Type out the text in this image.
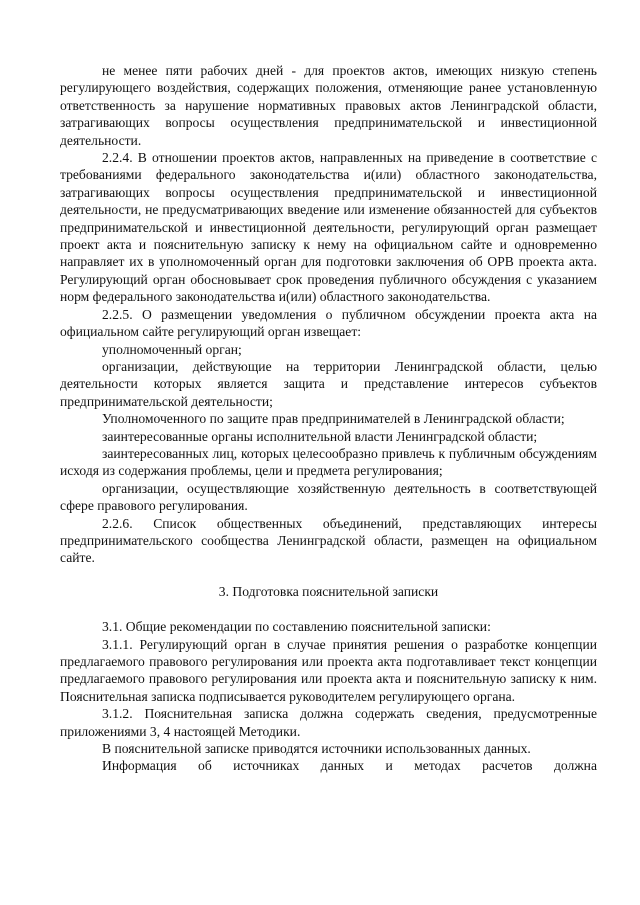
не менее пяти рабочих дней - для проектов актов, имеющих низкую степень регулирующего воздействия, содержащих положения, отменяющие ранее установленную ответственность за нарушение нормативных правовых актов Ленинградской области, затрагивающих вопросы осуществления предпринимательской и инвестиционной деятельности.

2.2.4. В отношении проектов актов, направленных на приведение в соответствие с требованиями федерального законодательства и(или) областного законодательства, затрагивающих вопросы осуществления предпринимательской и инвестиционной деятельности, не предусматривающих введение или изменение обязанностей для субъектов предпринимательской и инвестиционной деятельности, регулирующий орган размещает проект акта и пояснительную записку к нему на официальном сайте и одновременно направляет их в уполномоченный орган для подготовки заключения об ОРВ проекта акта. Регулирующий орган обосновывает срок проведения публичного обсуждения с указанием норм федерального законодательства и(или) областного законодательства.

2.2.5. О размещении уведомления о публичном обсуждении проекта акта на официальном сайте регулирующий орган извещает:

уполномоченный орган;

организации, действующие на территории Ленинградской области, целью деятельности которых является защита и представление интересов субъектов предпринимательской деятельности;

Уполномоченного по защите прав предпринимателей в Ленинградской области;

заинтересованные органы исполнительной власти Ленинградской области;

заинтересованных лиц, которых целесообразно привлечь к публичным обсуждениям исходя из содержания проблемы, цели и предмета регулирования;

организации, осуществляющие хозяйственную деятельность в соответствующей сфере правового регулирования.

2.2.6. Список общественных объединений, представляющих интересы предпринимательского сообщества Ленинградской области, размещен на официальном сайте.

3. Подготовка пояснительной записки

3.1. Общие рекомендации по составлению пояснительной записки:

3.1.1. Регулирующий орган в случае принятия решения о разработке концепции предлагаемого правового регулирования или проекта акта подготавливает текст концепции предлагаемого правового регулирования или проекта акта и пояснительную записку к ним. Пояснительная записка подписывается руководителем регулирующего органа.

3.1.2. Пояснительная записка должна содержать сведения, предусмотренные приложениями 3, 4 настоящей Методики.

В пояснительной записке приводятся источники использованных данных.

Информация об источниках данных и методах расчетов должна
